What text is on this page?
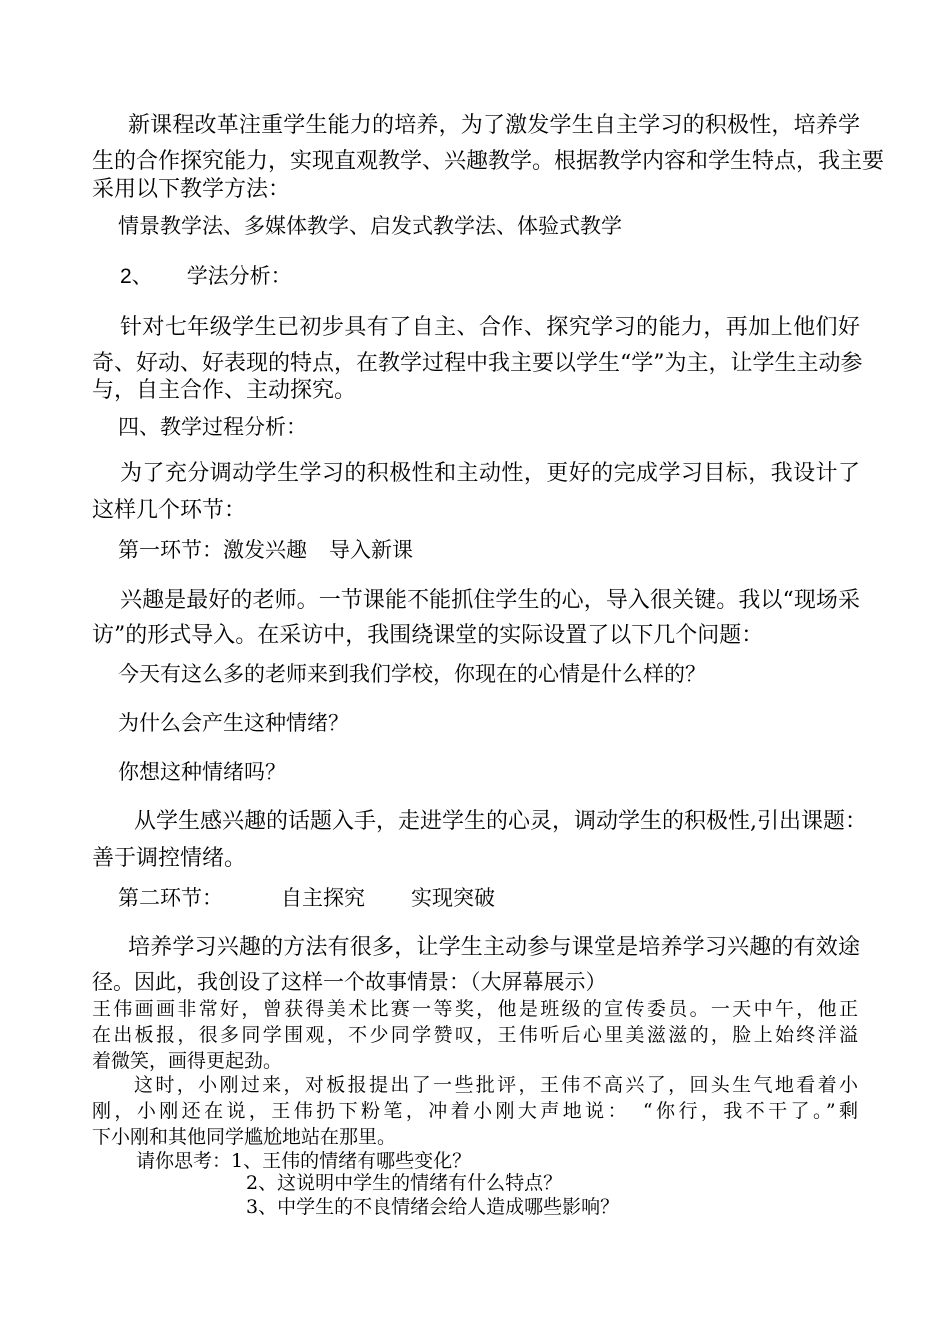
新课程改革注重学生能力的培养，为了激发学生自主学习的积极性，培养学
生的合作探究能力，实现直观教学、兴趣教学。根据教学内容和学生特点，我主要
采用以下教学方法：
情景教学法、多媒体教学、启发式教学法、体验式教学
2、 学法分析：
针对七年级学生已初步具有了自主、合作、探究学习的能力，再加上他们好
奇、好动、好表现的特点，在教学过程中我主要以学生“学”为主，让学生主动参
与，自主合作、主动探究。
四、教学过程分析：
为了充分调动学生学习的积极性和主动性，更好的完成学习目标，我设计了
这样几个环节：
第一环节：激发兴趣 导入新课
兴趣是最好的老师。一节课能不能抓住学生的心，导入很关键。我以“现场采
访”的形式导入。在采访中，我围绕课堂的实际设置了以下几个问题：
今天有这么多的老师来到我们学校，你现在的心情是什么样的？
为什么会产生这种情绪？
你想这种情绪吗？
从学生感兴趣的话题入手，走进学生的心灵，调动学生的积极性,引出课题：
善于调控情绪。
第二环节：	自主探究 实现突破
培养学习兴趣的方法有很多，让学生主动参与课堂是培养学习兴趣的有效途
径。因此，我创设了这样一个故事情景：（大屏幕展示）
王伟画画非常好，曾获得美术比赛一等奖，他是班级的宣传委员。一天中午，他正
在出板报，很多同学围观，不少同学赞叹，王伟听后心里美滋滋的，脸上始终洋溢
着微笑，画得更起劲。
这时，小刚过来，对板报提出了一些批评，王伟不高兴了，回头生气地看着小
刚，小刚还在说，王伟扔下粉笔，冲着小刚大声地说：　“你行，我不干了。”剩
下小刚和其他同学尴尬地站在那里。
请你思考：1、王伟的情绪有哪些变化？
2、这说明中学生的情绪有什么特点？
3、中学生的不良情绪会给人造成哪些影响？
